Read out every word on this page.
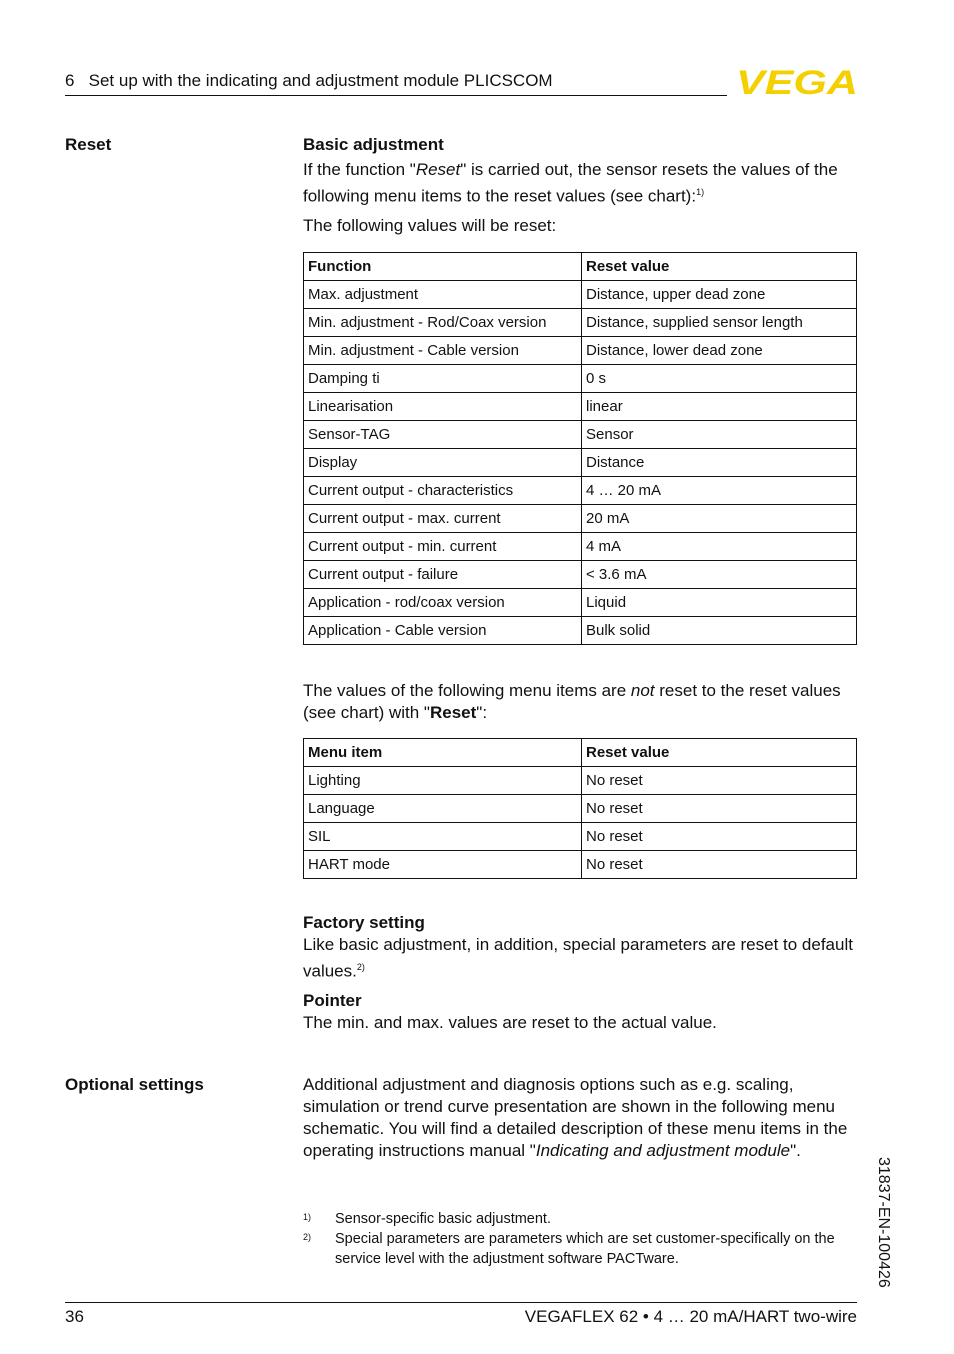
6   Set up with the indicating and adjustment module PLICSCOM	VEGA
Reset	Basic adjustment
If the function "Reset" is carried out, the sensor resets the values of the following menu items to the reset values (see chart):$^{1)}$
The following values will be reset:
Function	Reset value
Max. adjustment	Distance, upper dead zone
Min. adjustment - Rod/Coax version	Distance, supplied sensor length
Min. adjustment - Cable version	Distance, lower dead zone
Damping ti	0 s
Linearisation	linear
Sensor-TAG	Sensor
Display	Distance
Current output - characteristics	4 … 20 mA
Current output - max. current	20 mA
Current output - min. current	4 mA
Current output - failure	< 3.6 mA
Application - rod/coax version	Liquid
Application - Cable version	Bulk solid
The values of the following menu items are not reset to the reset values (see chart) with "Reset":
Menu item	Reset value
Lighting	No reset
Language	No reset
SIL	No reset
HART mode	No reset
Factory setting
Like basic adjustment, in addition, special parameters are reset to default values.$^{2)}$
Pointer
The min. and max. values are reset to the actual value.
Optional settings	Additional adjustment and diagnosis options such as e.g. scaling, simulation or trend curve presentation are shown in the following menu schematic. You will find a detailed description of these menu items in the operating instructions manual "Indicating and adjustment module".
1) Sensor-specific basic adjustment.
2) Special parameters are parameters which are set customer-specifically on the service level with the adjustment software PACTware.	31837-EN-100426
36	VEGAFLEX 62 • 4 … 20 mA/HART two-wire
